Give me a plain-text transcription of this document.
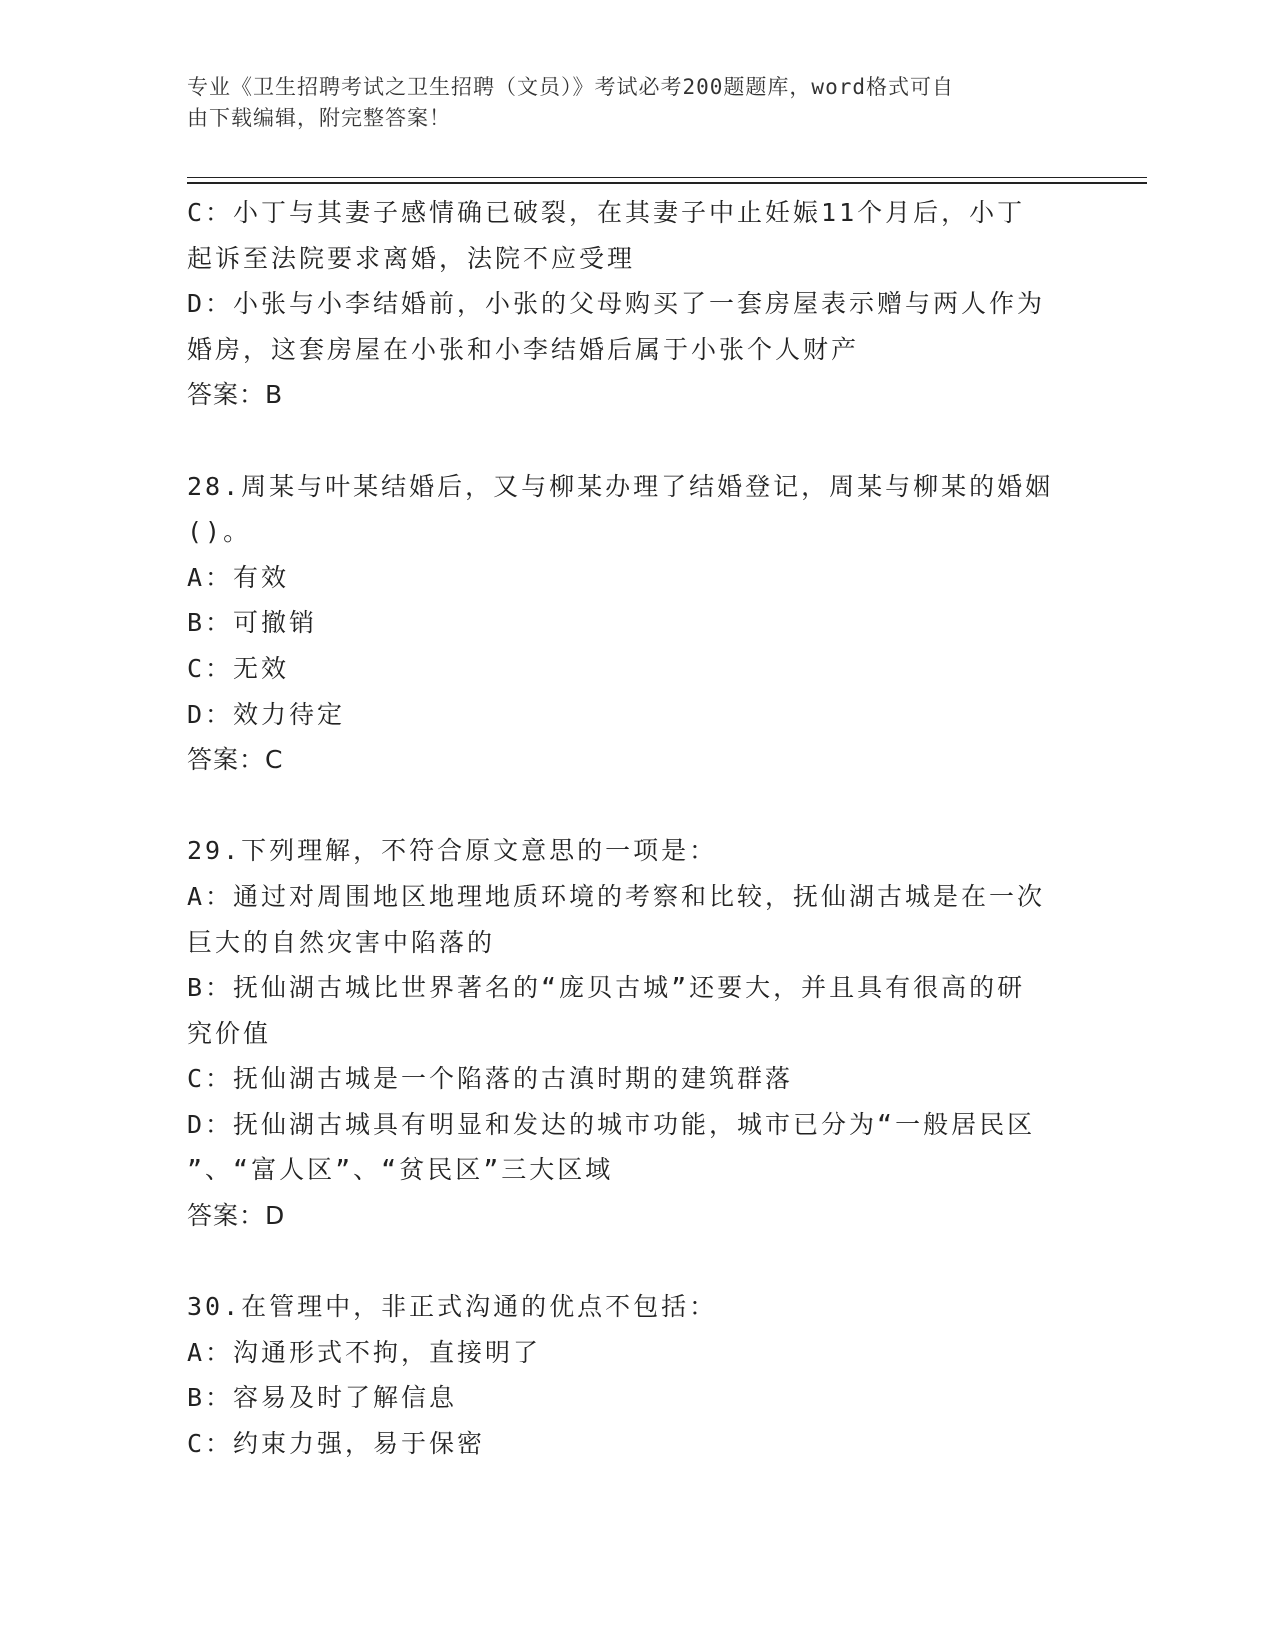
专业《卫生招聘考试之卫生招聘（文员）》考试必考200题题库，word格式可自
由下载编辑，附完整答案！
C：小丁与其妻子感情确已破裂，在其妻子中止妊娠11个月后，小丁
起诉至法院要求离婚，法院不应受理
D：小张与小李结婚前，小张的父母购买了一套房屋表示赠与两人作为
婚房，这套房屋在小张和小李结婚后属于小张个人财产
答案：B
28.周某与叶某结婚后，又与柳某办理了结婚登记，周某与柳某的婚姻
()。
A：有效
B：可撤销
C：无效
D：效力待定
答案：C
29.下列理解，不符合原文意思的一项是：
A：通过对周围地区地理地质环境的考察和比较，抚仙湖古城是在一次
巨大的自然灾害中陷落的
B：抚仙湖古城比世界著名的“庞贝古城”还要大，并且具有很高的研
究价值
C：抚仙湖古城是一个陷落的古滇时期的建筑群落
D：抚仙湖古城具有明显和发达的城市功能，城市已分为“一般居民区
”、“富人区”、“贫民区”三大区域
答案：D
30.在管理中，非正式沟通的优点不包括：
A：沟通形式不拘，直接明了
B：容易及时了解信息
C：约束力强，易于保密
